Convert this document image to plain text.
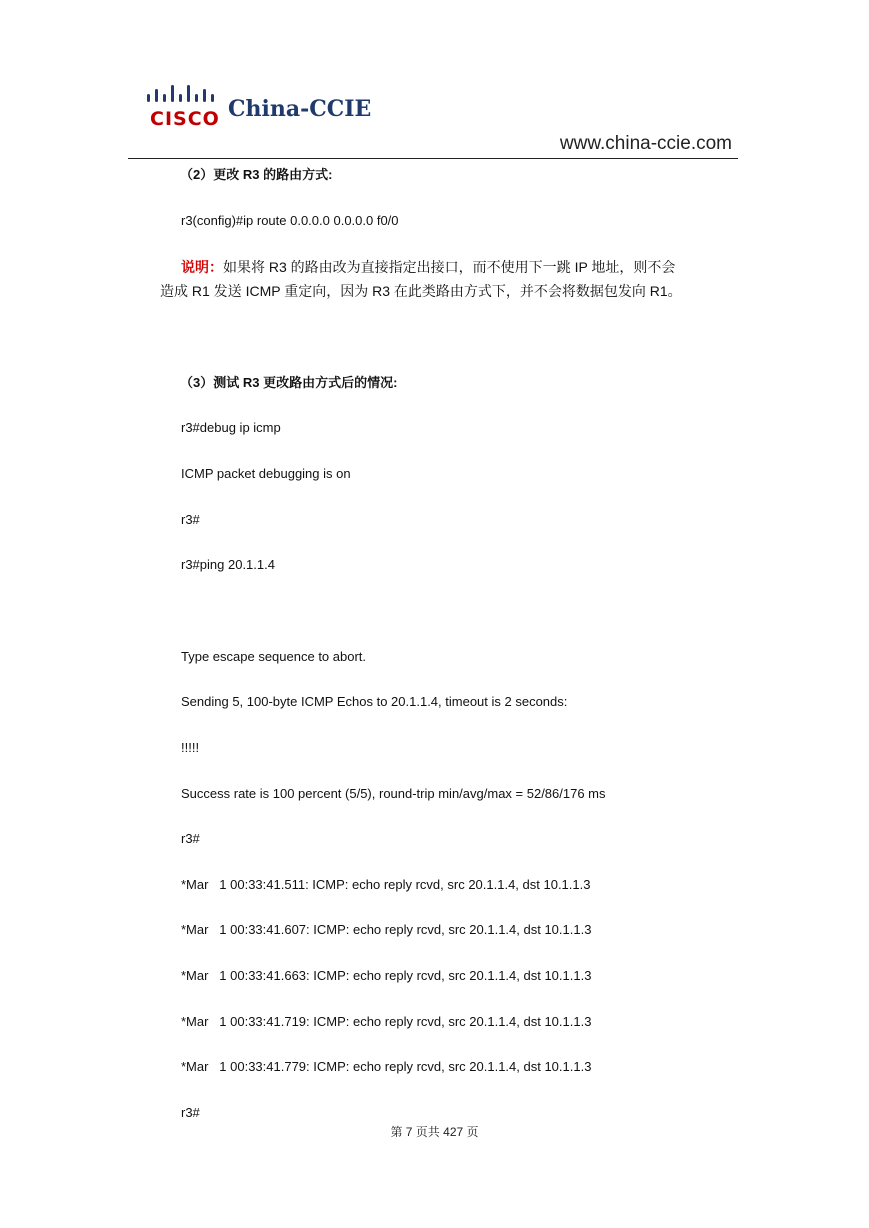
CISCO China-CCIE
www.china-ccie.com
（2）更改 R3 的路由方式:
r3(config)#ip route 0.0.0.0 0.0.0.0 f0/0
说明：如果将 R3 的路由改为直接指定出接口，而不使用下一跳 IP 地址，则不会
造成 R1 发送 ICMP 重定向，因为 R3 在此类路由方式下，并不会将数据包发向 R1。
（3）测试 R3 更改路由方式后的情况:
r3#debug ip icmp
ICMP packet debugging is on
r3#
r3#ping 20.1.1.4
Type escape sequence to abort.
Sending 5, 100-byte ICMP Echos to 20.1.1.4, timeout is 2 seconds:
!!!!!
Success rate is 100 percent (5/5), round-trip min/avg/max = 52/86/176 ms
r3#
*Mar   1 00:33:41.511: ICMP: echo reply rcvd, src 20.1.1.4, dst 10.1.1.3
*Mar   1 00:33:41.607: ICMP: echo reply rcvd, src 20.1.1.4, dst 10.1.1.3
*Mar   1 00:33:41.663: ICMP: echo reply rcvd, src 20.1.1.4, dst 10.1.1.3
*Mar   1 00:33:41.719: ICMP: echo reply rcvd, src 20.1.1.4, dst 10.1.1.3
*Mar   1 00:33:41.779: ICMP: echo reply rcvd, src 20.1.1.4, dst 10.1.1.3
r3#
第 7 页共 427 页
